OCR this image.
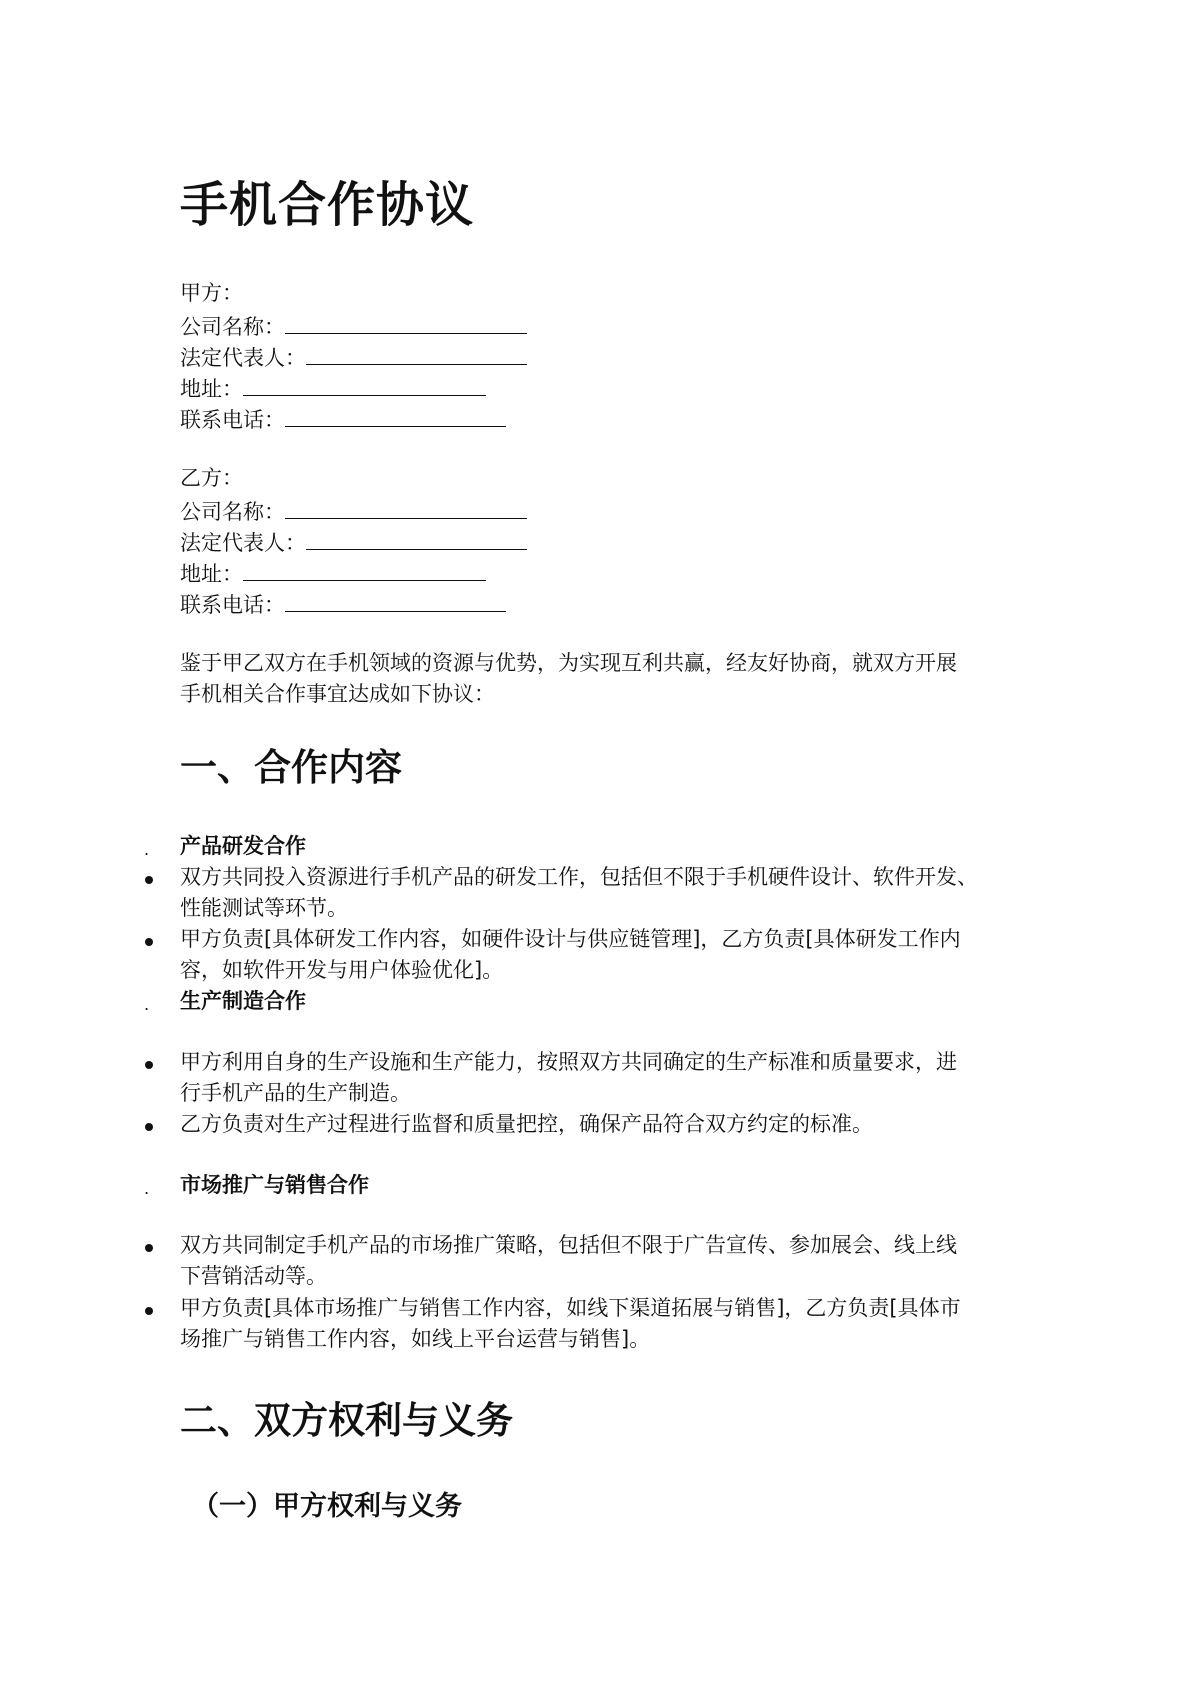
手机合作协议
甲方：
公司名称：
法定代表人：
地址：
联系电话：
乙方：
公司名称：
法定代表人：
地址：
联系电话：
鉴于甲乙双方在手机领域的资源与优势，为实现互利共赢，经友好协商，就双方开展
手机相关合作事宜达成如下协议：
一、合作内容
. 产品研发合作
双方共同投入资源进行手机产品的研发工作，包括但不限于手机硬件设计、软件开发、
性能测试等环节。
甲方负责[具体研发工作内容，如硬件设计与供应链管理]，乙方负责[具体研发工作内
容，如软件开发与用户体验优化]。
. 生产制造合作
甲方利用自身的生产设施和生产能力，按照双方共同确定的生产标准和质量要求，进
行手机产品的生产制造。
乙方负责对生产过程进行监督和质量把控，确保产品符合双方约定的标准。
. 市场推广与销售合作
双方共同制定手机产品的市场推广策略，包括但不限于广告宣传、参加展会、线上线
下营销活动等。
甲方负责[具体市场推广与销售工作内容，如线下渠道拓展与销售]，乙方负责[具体市
场推广与销售工作内容，如线上平台运营与销售]。
二、双方权利与义务
（一）甲方权利与义务
